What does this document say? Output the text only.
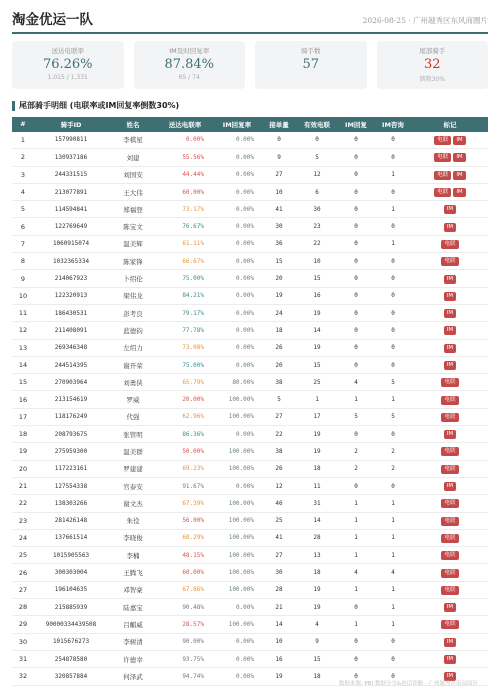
淘金优运一队	2026-08-25 · 广州越秀区东风商圈片
送达电联率
76.26%
1,015 / 1,331
IM及时回复率
87.84%
65 / 74
骑手数
57
尾部骑手
32
倒数30%
尾部骑手明细 (电联率或IM回复率倒数30%)
#	骑手ID	姓名	送达电联率	IM回复率	接单量	有效电联	IM回复	IM咨询	标记
1	157990811	李棋星	0.00%	0.00%	0	0	0	0	电联 IM
2	130937186	刘建	55.56%	0.00%	9	5	0	0	电联 IM
3	244331515	刘国安	44.44%	0.00%	27	12	0	1	电联 IM
4	213077891	王大伟	60.00%	0.00%	10	6	0	0	电联 IM
5	114594841	郑福登	73.17%	0.00%	41	30	0	1	IM
6	122769649	陈宝文	76.67%	0.00%	30	23	0	0	IM
7	1060915074	温美辉	61.11%	0.00%	36	22	0	1	电联
8	1032365334	陈家锋	66.67%	0.00%	15	10	0	0	电联
9	214067923	卜绍伦	75.00%	0.00%	20	15	0	0	IM
10	122320913	梁伟龙	84.21%	0.00%	19	16	0	0	IM
11	186430531	彭考良	79.17%	0.00%	24	19	0	0	IM
12	211408091	蓝德钧	77.78%	0.00%	18	14	0	0	IM
13	269346348	左绍力	73.08%	0.00%	26	19	0	0	IM
14	244514395	谢开荣	75.00%	0.00%	20	15	0	0	IM
15	270903964	刘勇侠	65.79%	80.00%	38	25	4	5	电联
16	213154619	罗威	20.00%	100.00%	5	1	1	1	电联
17	118176249	代强	62.96%	100.00%	27	17	5	5	电联
18	208793675	张管明	86.36%	0.00%	22	19	0	0	IM
19	275959300	温美群	50.00%	100.00%	38	19	2	2	电联
20	117223161	罗建建	69.23%	100.00%	26	18	2	2	电联
21	127554338	官泰安	91.67%	0.00%	12	11	0	0	IM
22	138303266	谢文杰	67.39%	100.00%	46	31	1	1	电联
23	281426148	朱役	56.00%	100.00%	25	14	1	1	电联
24	137661514	李晓俊	68.29%	100.00%	41	28	1	1	电联
25	1015905563	李楠	48.15%	100.00%	27	13	1	1	电联
26	300303004	王腾飞	60.00%	100.00%	30	18	4	4	电联
27	196104635	邓智豪	67.86%	100.00%	28	19	1	1	电联
28	215885939	陆嘉宝	90.48%	0.00%	21	19	0	1	IM
29	90000334439508	吕麒威	28.57%	100.00%	14	4	1	1	电联
30	1015676273	李树清	90.00%	0.00%	10	9	0	0	IM
31	254878580	许德幸	93.75%	0.00%	16	15	0	0	IM
32	320857884	何泽武	94.74%	0.00%	19	18	0	0	IM
数据来源: PBI 数据分享&电话诊断 · 广州越秀区南园商区
